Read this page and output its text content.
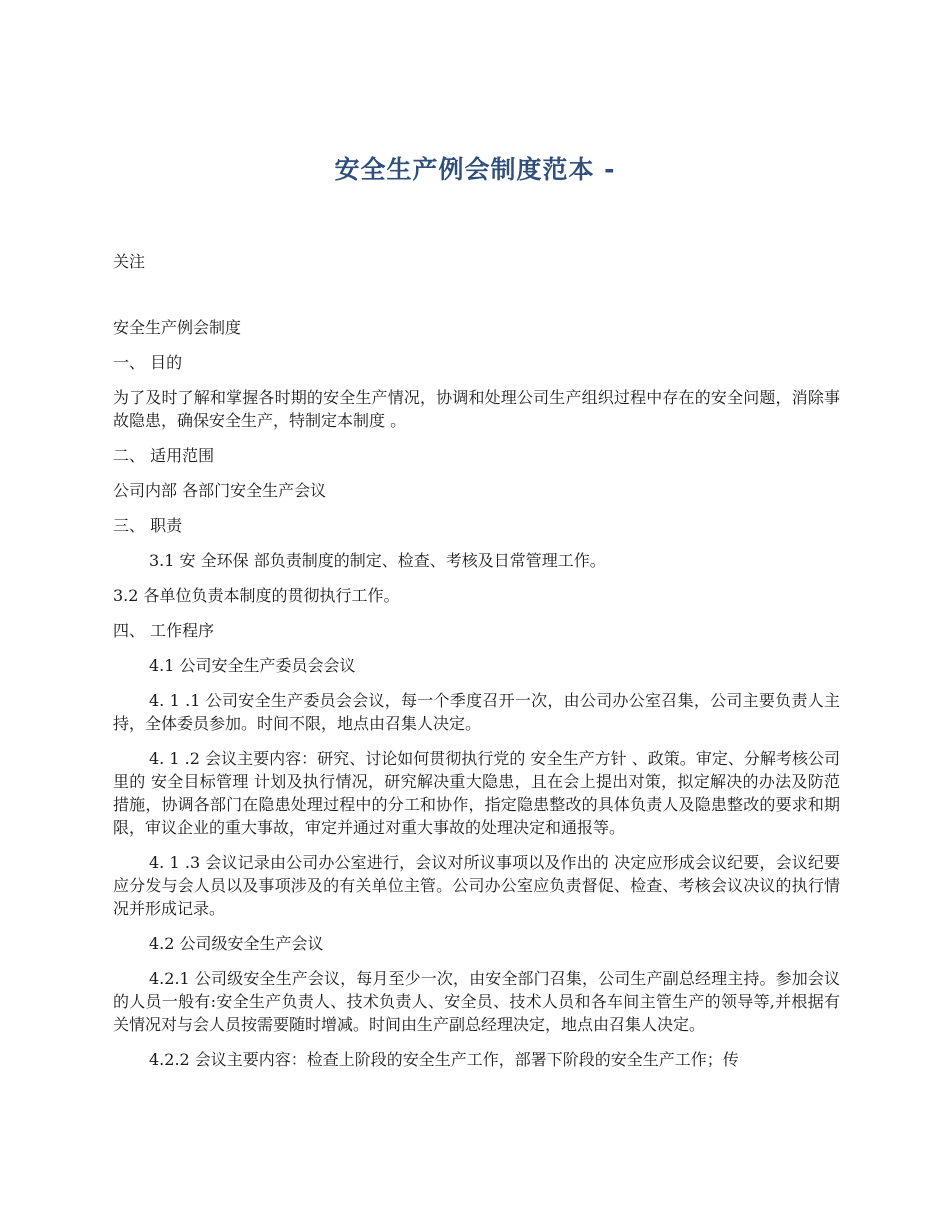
安全生产例会制度范本 -

关注

安全生产例会制度

一、 目的

为了及时了解和掌握各时期的安全生产情况，协调和处理公司生产组织过程中存在的安全问题，消除事故隐患，确保安全生产，特制定本制度 。

二、 适用范围

公司内部 各部门安全生产会议

三、 职责

3.1 安 全环保 部负责制度的制定、检查、考核及日常管理工作。

3.2 各单位负责本制度的贯彻执行工作。

四、 工作程序

4.1 公司安全生产委员会会议

4. 1 .1 公司安全生产委员会会议，每一个季度召开一次，由公司办公室召集，公司主要负责人主持，全体委员参加。时间不限，地点由召集人决定。

4. 1 .2 会议主要内容：研究、讨论如何贯彻执行党的 安全生产方针 、政策。审定、分解考核公司里的 安全目标管理 计划及执行情况，研究解决重大隐患，且在会上提出对策，拟定解决的办法及防范措施，协调各部门在隐患处理过程中的分工和协作，指定隐患整改的具体负责人及隐患整改的要求和期限，审议企业的重大事故，审定并通过对重大事故的处理决定和通报等。

4. 1 .3 会议记录由公司办公室进行，会议对所议事项以及作出的 决定应形成会议纪要，会议纪要应分发与会人员以及事项涉及的有关单位主管。公司办公室应负责督促、检查、考核会议决议的执行情况并形成记录。

4.2 公司级安全生产会议

4.2.1 公司级安全生产会议，每月至少一次，由安全部门召集，公司生产副总经理主持。参加会议的人员一般有:安全生产负责人、技术负责人、安全员、技术人员和各车间主管生产的领导等,并根据有关情况对与会人员按需要随时增减。时间由生产副总经理决定，地点由召集人决定。

4.2.2 会议主要内容：检查上阶段的安全生产工作，部署下阶段的安全生产工作；传
